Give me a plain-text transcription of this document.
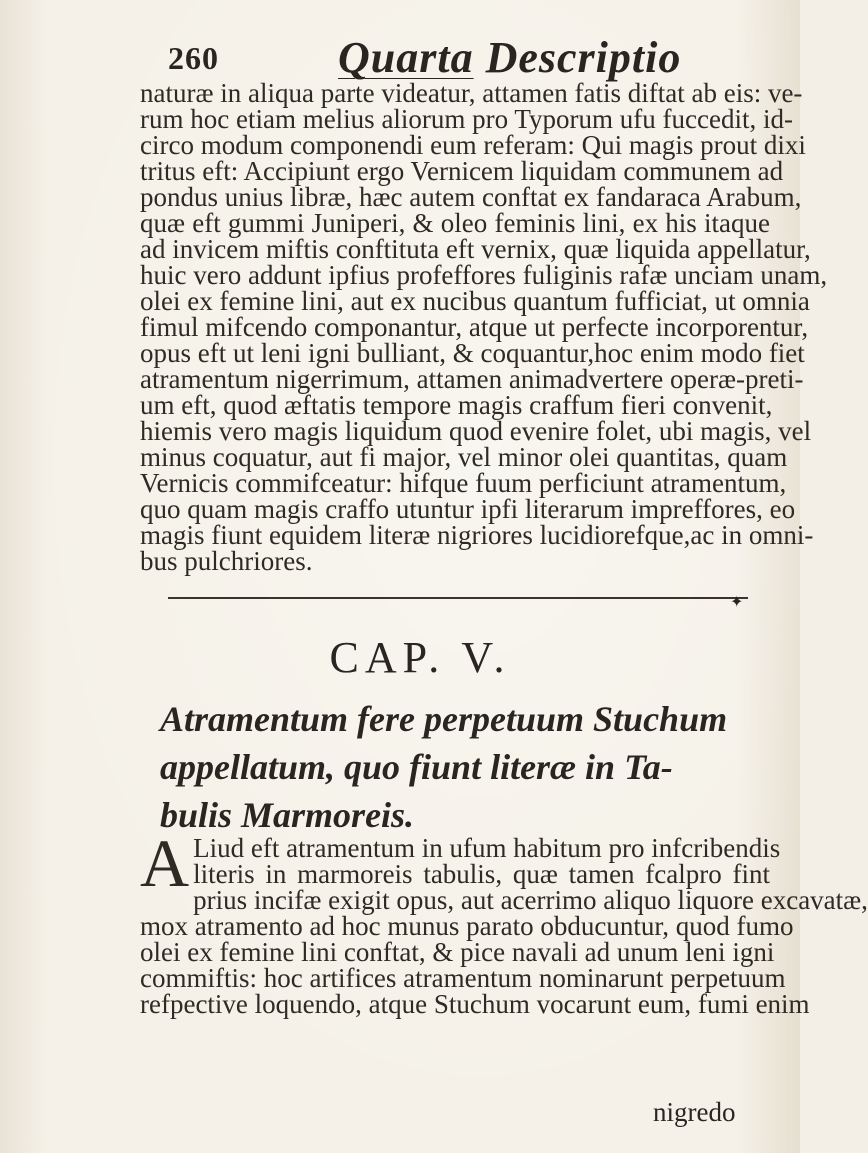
260	Quarta Descriptio
naturæ in aliqua parte videatur, attamen fatis diftat ab eis: ve-
rum hoc etiam melius aliorum pro Typorum ufu fuccedit, id-
circo modum componendi eum referam: Qui magis prout dixi
tritus eft: Accipiunt ergo Vernicem liquidam communem ad
pondus unius libræ, hæc autem conftat ex fandaraca Arabum,
quæ eft gummi Juniperi, & oleo feminis lini, ex his itaque
ad invicem miftis conftituta eft vernix, quæ liquida appellatur,
huic vero addunt ipfius profeffores fuliginis rafæ unciam unam,
olei ex femine lini, aut ex nucibus quantum fufficiat, ut omnia
fimul mifcendo componantur, atque ut perfecte incorporentur,
opus eft ut leni igni bulliant, & coquantur,hoc enim modo fiet
atramentum nigerrimum, attamen animadvertere operæ-preti-
um eft, quod æftatis tempore magis craffum fieri convenit,
hiemis vero magis liquidum quod evenire folet, ubi magis, vel
minus coquatur, aut fi major, vel minor olei quantitas, quam
Vernicis commifceatur: hifque fuum perficiunt atramentum,
quo quam magis craffo utuntur ipfi literarum impreffores, eo
magis fiunt equidem literæ nigriores lucidiorefque,ac in omni-
bus pulchriores.
✦
CAP. V.
Atramentum fere perpetuum Stuchum
appellatum, quo fiunt literæ in Ta-
bulis Marmoreis.
A Liud eft atramentum in ufum habitum pro infcribendis
literis in marmoreis tabulis, quæ tamen fcalpro fint
prius incifæ exigit opus, aut acerrimo aliquo liquore excavatæ,
mox atramento ad hoc munus parato obducuntur, quod fumo
olei ex femine lini conftat, & pice navali ad unum leni igni
commiftis: hoc artifices atramentum nominarunt perpetuum
refpective loquendo, atque Stuchum vocarunt eum, fumi enim
nigredo
